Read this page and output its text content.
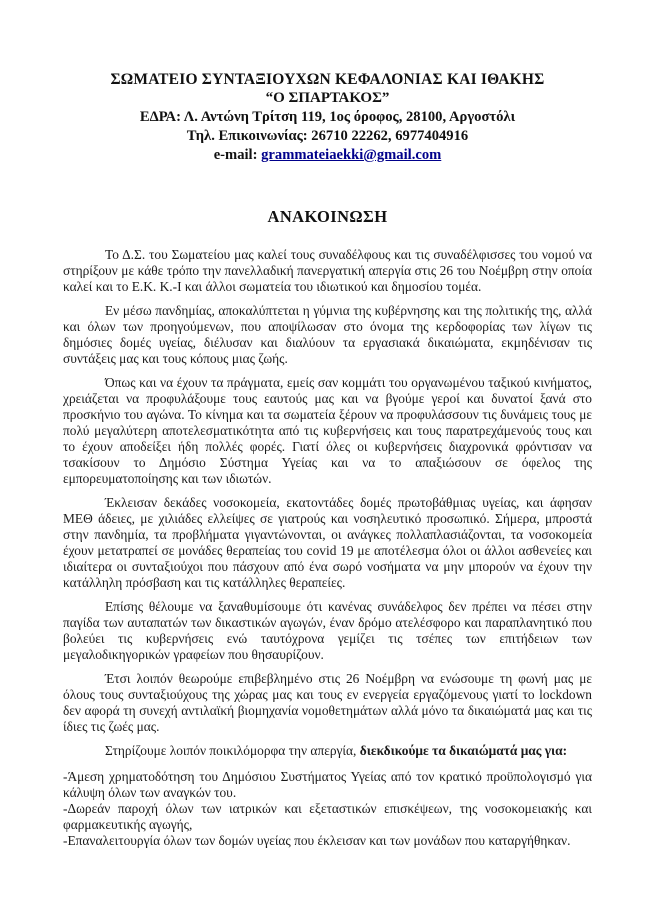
ΣΩΜΑΤΕΙΟ ΣΥΝΤΑΞΙΟΥΧΩΝ ΚΕΦΑΛΟΝΙΑΣ ΚΑΙ ΙΘΑΚΗΣ
“Ο ΣΠΑΡΤΑΚΟΣ”
ΕΔΡΑ: Λ. Αντώνη Τρίτση 119, 1ος όροφος, 28100, Αργοστόλι
Τηλ. Επικοινωνίας: 26710 22262, 6977404916
e-mail: grammateiaekki@gmail.com
ΑΝΑΚΟΙΝΩΣΗ

Το Δ.Σ. του Σωματείου μας καλεί τους συναδέλφους και τις συναδέλφισσες του νομού να στηρίξουν με κάθε τρόπο την πανελλαδική πανεργατική απεργία στις 26 του Νοέμβρη στην οποία καλεί και το Ε.Κ. Κ.-Ι και άλλοι σωματεία του ιδιωτικού και δημοσίου τομέα.

Εν μέσω πανδημίας, αποκαλύπτεται η γύμνια της κυβέρνησης και της πολιτικής της, αλλά και όλων των προηγούμενων, που αποψίλωσαν στο όνομα της κερδοφορίας των λίγων τις δημόσιες δομές υγείας, διέλυσαν και διαλύουν τα εργασιακά δικαιώματα, εκμηδένισαν τις συντάξεις μας και τους κόπους μιας ζωής.

Όπως και να έχουν τα πράγματα, εμείς σαν κομμάτι του οργανωμένου ταξικού κινήματος, χρειάζεται να προφυλάξουμε τους εαυτούς μας και να βγούμε γεροί και δυνατοί ξανά στο προσκήνιο του αγώνα. Το κίνημα και τα σωματεία ξέρουν να προφυλάσσουν τις δυνάμεις τους με πολύ μεγαλύτερη αποτελεσματικότητα από τις κυβερνήσεις και τους παρατρεχάμενούς τους και το έχουν αποδείξει ήδη πολλές φορές. Γιατί όλες οι κυβερνήσεις διαχρονικά φρόντισαν να τσακίσουν το Δημόσιο Σύστημα Υγείας και να το απαξιώσουν σε όφελος της εμπορευματοποίησης και των ιδιωτών.

Έκλεισαν δεκάδες νοσοκομεία, εκατοντάδες δομές πρωτοβάθμιας υγείας, και άφησαν ΜΕΘ άδειες, με χιλιάδες ελλείψες σε γιατρούς και νοσηλευτικό προσωπικό. Σήμερα, μπροστά στην πανδημία, τα προβλήματα γιγαντώνονται, οι ανάγκες πολλαπλασιάζονται, τα νοσοκομεία έχουν μετατραπεί σε μονάδες θεραπείας του covid 19 με αποτέλεσμα όλοι οι άλλοι ασθενείες και ιδιαίτερα οι συνταξιούχοι που πάσχουν από ένα σωρό νοσήματα να μην μπορούν να έχουν την κατάλληλη πρόσβαση και τις κατάλληλες θεραπείες.

Επίσης θέλουμε να ξαναθυμίσουμε ότι κανένας συνάδελφος δεν πρέπει να πέσει στην παγίδα των αυταπατών των δικαστικών αγωγών, έναν δρόμο ατελέσφορο και παραπλανητικό που βολεύει τις κυβερνήσεις ενώ ταυτόχρονα γεμίζει τις τσέπες των επιτήδειων των μεγαλοδικηγορικών γραφείων που θησαυρίζουν.

Έτσι λοιπόν θεωρούμε επιβεβλημένο στις 26 Νοέμβρη να ενώσουμε τη φωνή μας με όλους τους συνταξιούχους της χώρας μας και τους εν ενεργεία εργαζόμενους γιατί το lockdown δεν αφορά τη συνεχή αντιλαϊκή βιομηχανία νομοθετημάτων αλλά μόνο τα δικαιώματά μας και τις ίδιες τις ζωές μας.

Στηρίζουμε λοιπόν ποικιλόμορφα την απεργία, διεκδικούμε τα δικαιώματά μας για:
-Άμεση χρηματοδότηση του Δημόσιου Συστήματος Υγείας από τον κρατικό προϋπολογισμό για κάλυψη όλων των αναγκών του.
-Δωρεάν παροχή όλων των ιατρικών και εξεταστικών επισκέψεων, της νοσοκομειακής και φαρμακευτικής αγωγής,
-Επαναλειτουργία όλων των δομών υγείας που έκλεισαν και των μονάδων που καταργήθηκαν.
